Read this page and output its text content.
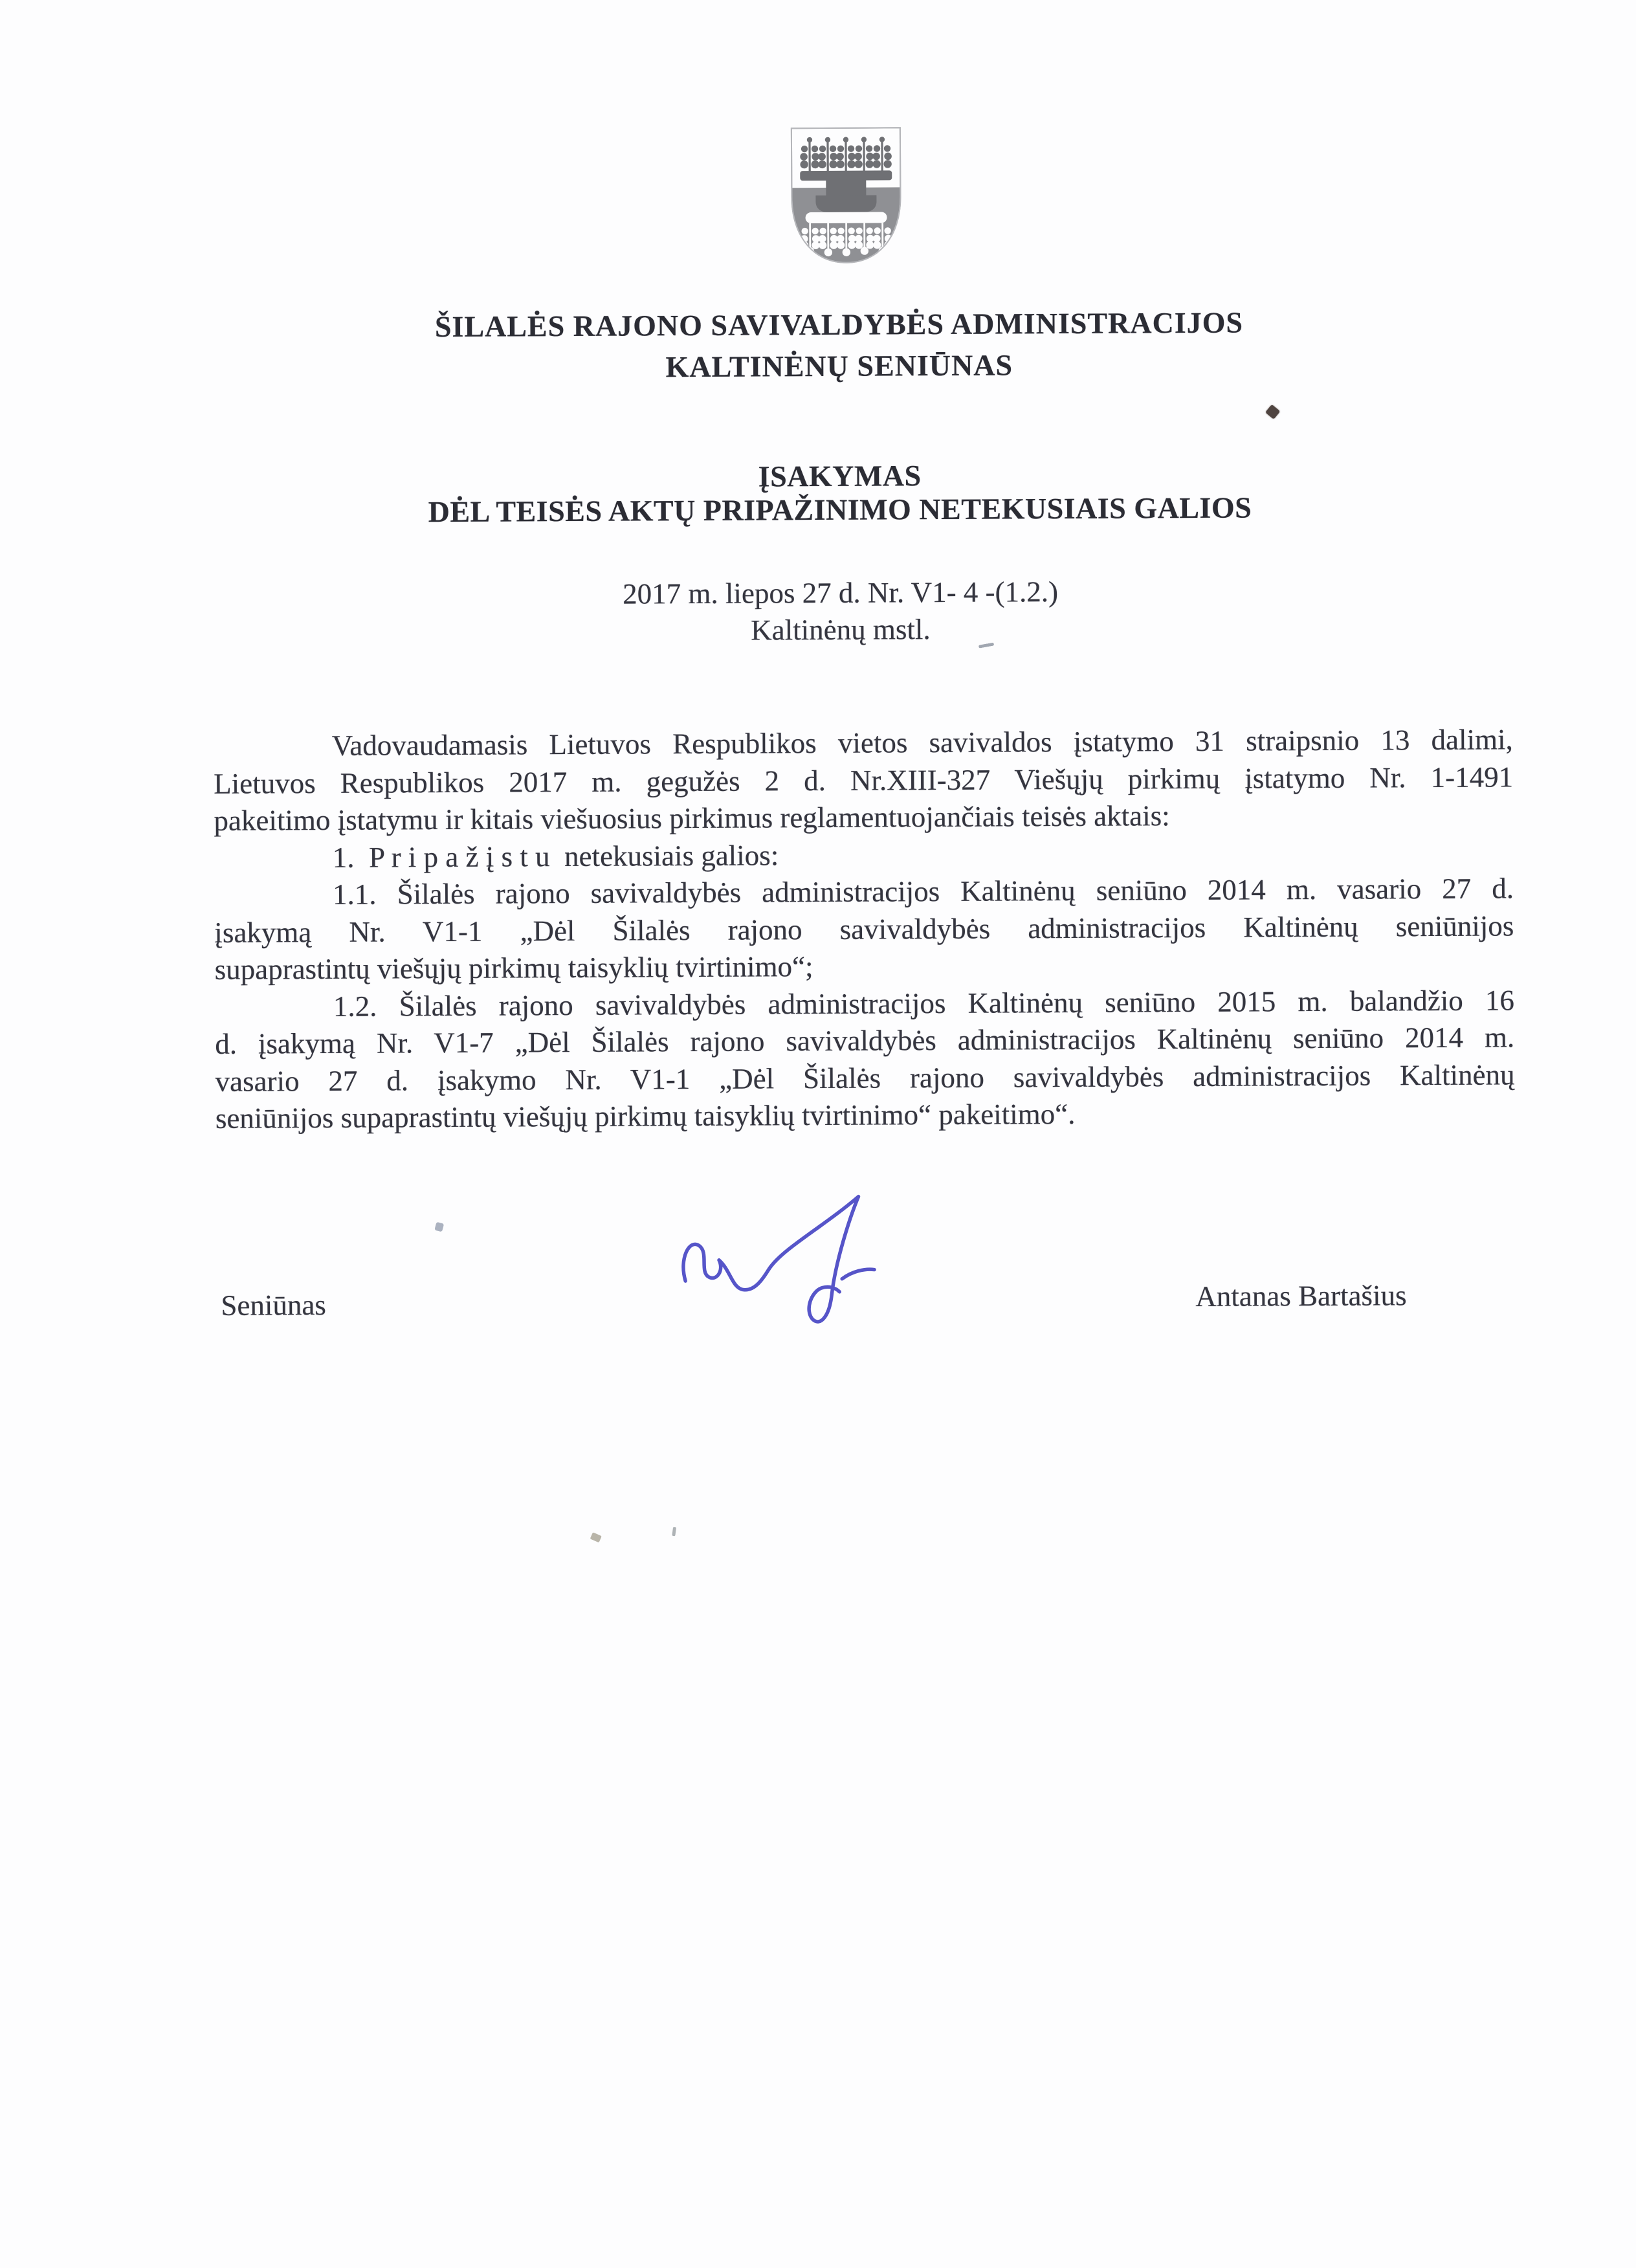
ŠILALĖS RAJONO SAVIVALDYBĖS ADMINISTRACIJOS
KALTINĖNŲ SENIŪNAS
ĮSAKYMAS
DĖL TEISĖS AKTŲ PRIPAŽINIMO NETEKUSIAIS GALIOS
2017 m. liepos 27 d. Nr. V1- 4 -(1.2.)
Kaltinėnų mstl.
Vadovaudamasis Lietuvos Respublikos vietos savivaldos įstatymo 31 straipsnio 13 dalimi,
Lietuvos Respublikos 2017 m. gegužės 2 d. Nr.XIII-327 Viešųjų pirkimų įstatymo Nr. 1-1491
pakeitimo įstatymu ir kitais viešuosius pirkimus reglamentuojančiais teisės aktais:
1.  P r i p a ž į s t u  netekusiais galios:
1.1. Šilalės rajono savivaldybės administracijos Kaltinėnų seniūno 2014 m. vasario 27 d.
įsakymą Nr. V1-1 „Dėl Šilalės rajono savivaldybės administracijos Kaltinėnų seniūnijos
supaprastintų viešųjų pirkimų taisyklių tvirtinimo“;
1.2. Šilalės rajono savivaldybės administracijos Kaltinėnų seniūno 2015 m. balandžio 16
d. įsakymą Nr. V1-7 „Dėl Šilalės rajono savivaldybės administracijos Kaltinėnų seniūno 2014 m.
vasario 27 d. įsakymo Nr. V1-1 „Dėl Šilalės rajono savivaldybės administracijos Kaltinėnų
seniūnijos supaprastintų viešųjų pirkimų taisyklių tvirtinimo“ pakeitimo“.
Seniūnas	Antanas Bartašius
